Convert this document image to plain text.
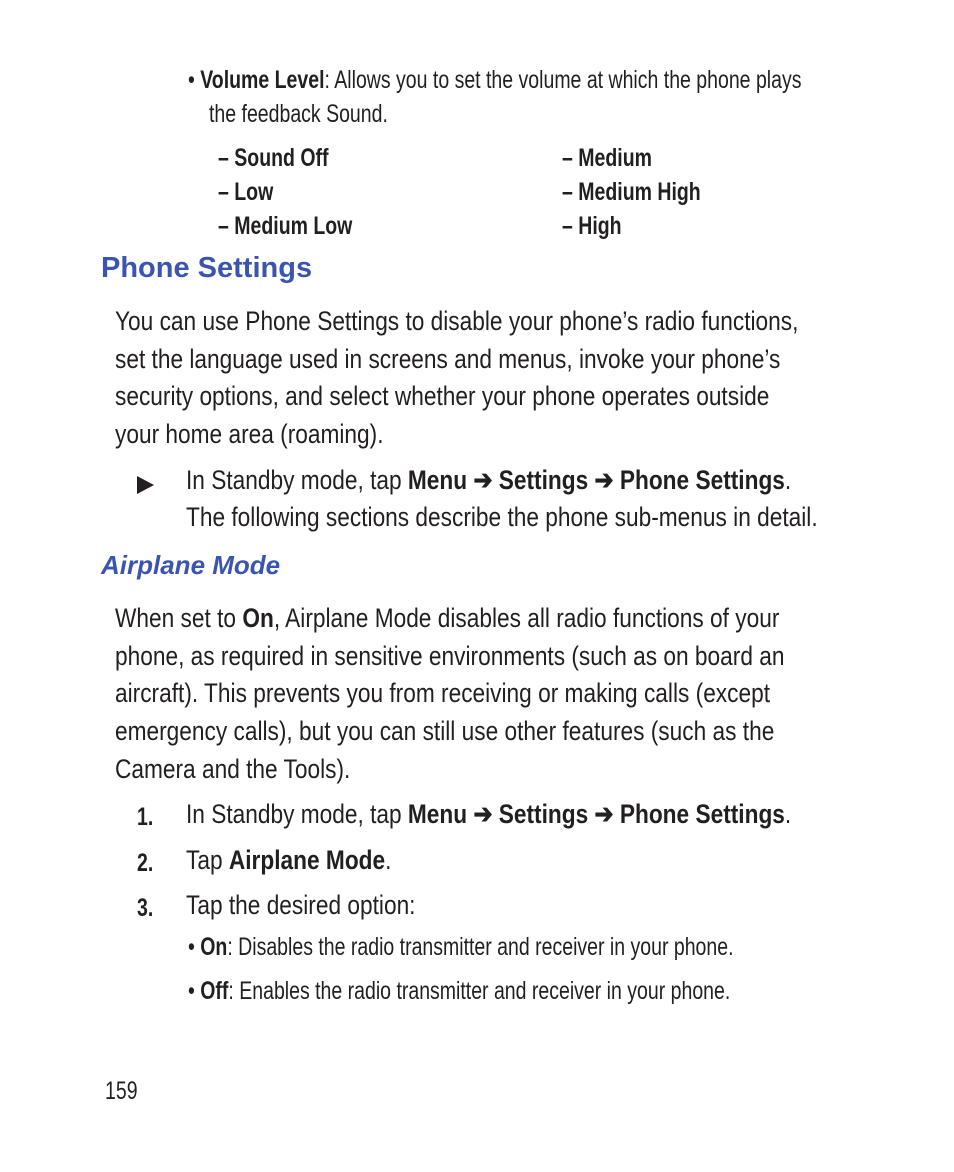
• Volume Level: Allows you to set the volume at which the phone plays
the feedback Sound.
– Sound Off
– Low
– Medium Low
– Medium
– Medium High
– High
Phone Settings
You can use Phone Settings to disable your phone’s radio functions,
set the language used in screens and menus, invoke your phone’s
security options, and select whether your phone operates outside
your home area (roaming).
In Standby mode, tap Menu ➔ Settings ➔ Phone Settings.
The following sections describe the phone sub-menus in detail.
Airplane Mode
When set to On, Airplane Mode disables all radio functions of your
phone, as required in sensitive environments (such as on board an
aircraft). This prevents you from receiving or making calls (except
emergency calls), but you can still use other features (such as the
Camera and the Tools).
1. In Standby mode, tap Menu ➔ Settings ➔ Phone Settings.
2. Tap Airplane Mode.
3. Tap the desired option:
• On: Disables the radio transmitter and receiver in your phone.
• Off: Enables the radio transmitter and receiver in your phone.
159
